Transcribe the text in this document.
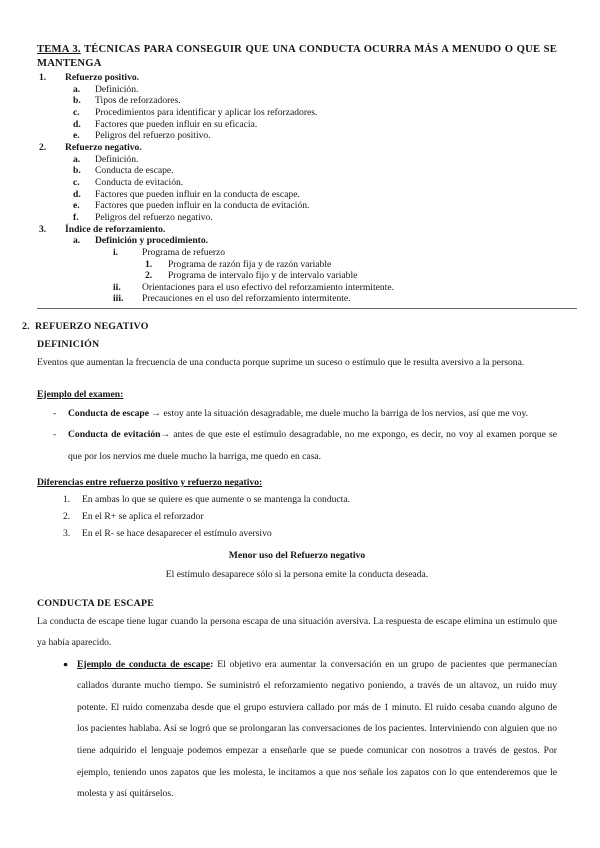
TEMA 3. TÉCNICAS PARA CONSEGUIR QUE UNA CONDUCTA OCURRA MÁS A MENUDO O QUE SE
MANTENGA
1.	Refuerzo positivo.
a.	Definición.
b.	Tipos de reforzadores.
c.	Procedimientos para identificar y aplicar los reforzadores.
d.	Factores que pueden influir en su eficacia.
e.	Peligros del refuerzo positivo.
2.	Refuerzo negativo.
a.	Definición.
b.	Conducta de escape.
c.	Conducta de evitación.
d.	Factores que pueden influir en la conducta de escape.
e.	Factores que pueden influir en la conducta de evitación.
f.	Peligros del refuerzo negativo.
3.	Índice de reforzamiento.
a.	Definición y procedimiento.
i.	Programa de refuerzo
1.	Programa de razón fija y de razón variable
2.	Programa de intervalo fijo y de intervalo variable
ii.	Orientaciones para el uso efectivo del reforzamiento intermitente.
iii.	Precauciones en el uso del reforzamiento intermitente.
2. REFUERZO NEGATIVO
DEFINICIÓN
Eventos que aumentan la frecuencia de una conducta porque suprime un suceso o estímulo que le resulta aversivo a la persona.
Ejemplo del examen:
-	Conducta de escape → estoy ante la situación desagradable, me duele mucho la barriga de los nervios, así que me voy.
-	Conducta de evitación→ antes de que este el estímulo desagradable, no me expongo, es decir, no voy al examen porque se que por los nervios me duele mucho la barriga, me quedo en casa.
Diferencias entre refuerzo positivo y refuerzo negativo:
1.	En ambas lo que se quiere es que aumente o se mantenga la conducta.
2.	En el R+ se aplica el reforzador
3.	En el R- se hace desaparecer el estímulo aversivo
Menor uso del Refuerzo negativo
El estímulo desaparece sólo si la persona emite la conducta deseada.
CONDUCTA DE ESCAPE
La conducta de escape tiene lugar cuando la persona escapa de una situación aversiva. La respuesta de escape elimina un estímulo que ya había aparecido.
● Ejemplo de conducta de escape: El objetivo era aumentar la conversación en un grupo de pacientes que permanecían callados durante mucho tiempo. Se suministró el reforzamiento negativo poniendo, a través de un altavoz, un ruido muy potente. El ruido comenzaba desde que el grupo estuviera callado por más de 1 minuto. El ruido cesaba cuando alguno de los pacientes hablaba. Así se logró que se prolongaran las conversaciones de los pacientes. Interviniendo con alguien que no tiene adquirido el lenguaje podemos empezar a enseñarle que se puede comunicar con nosotros a través de gestos. Por ejemplo, teniendo unos zapatos que les molesta, le incitamos a que nos señale los zapatos con lo que entenderemos que le molesta y así quitárselos.
